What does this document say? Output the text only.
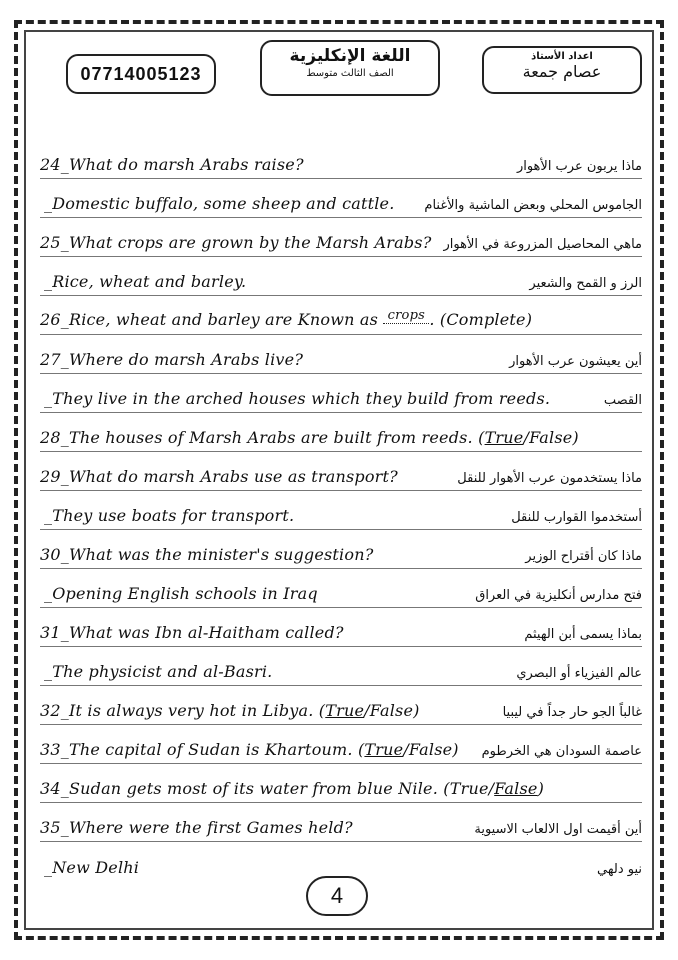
07714005123
اللغة الإنكليزية
الصف الثالث متوسط
اعداد الأستاذ
عصام جمعة
24_What do marsh Arabs raise?	ماذا يربون عرب الأهوار
_Domestic buffalo, some sheep and cattle. الجاموس المحلي وبعض الماشية والأغنام
25_What crops are grown by the Marsh Arabs? ماهي المحاصيل المزروعة في الأهوار
_Rice, wheat and barley.	الرز و القمح والشعير
26_Rice, wheat and barley are Known as crops . (Complete)
27_Where do marsh Arabs live?	أين يعيشون عرب الأهوار
_They live in the arched houses which they build from reeds.	القصب
28_The houses of Marsh Arabs are built from reeds. (True/False)
29_What do marsh Arabs use as transport?	ماذا يستخدمون عرب الأهوار للنقل
_They use boats for transport.	أستخدموا القوارب للنقل
30_What was the minister's suggestion?	ماذا كان أقتراح الوزير
_Opening English schools in Iraq	فتح مدارس أنكليزية في العراق
31_What was Ibn al-Haitham called?	بماذا يسمى أبن الهيثم
_The physicist and al-Basri.	عالم الفيزياء أو البصري
32_It is always very hot in Libya. (True/False)	غالباً الجو حار جداً في ليبيا
33_The capital of Sudan is Khartoum. (True/False) عاصمة السودان هي الخرطوم
34_Sudan gets most of its water from blue Nile. (True/False)
35_Where were the first Games held?	أين أقيمت اول الالعاب الاسيوية
_New Delhi	نيو دلهي
4
